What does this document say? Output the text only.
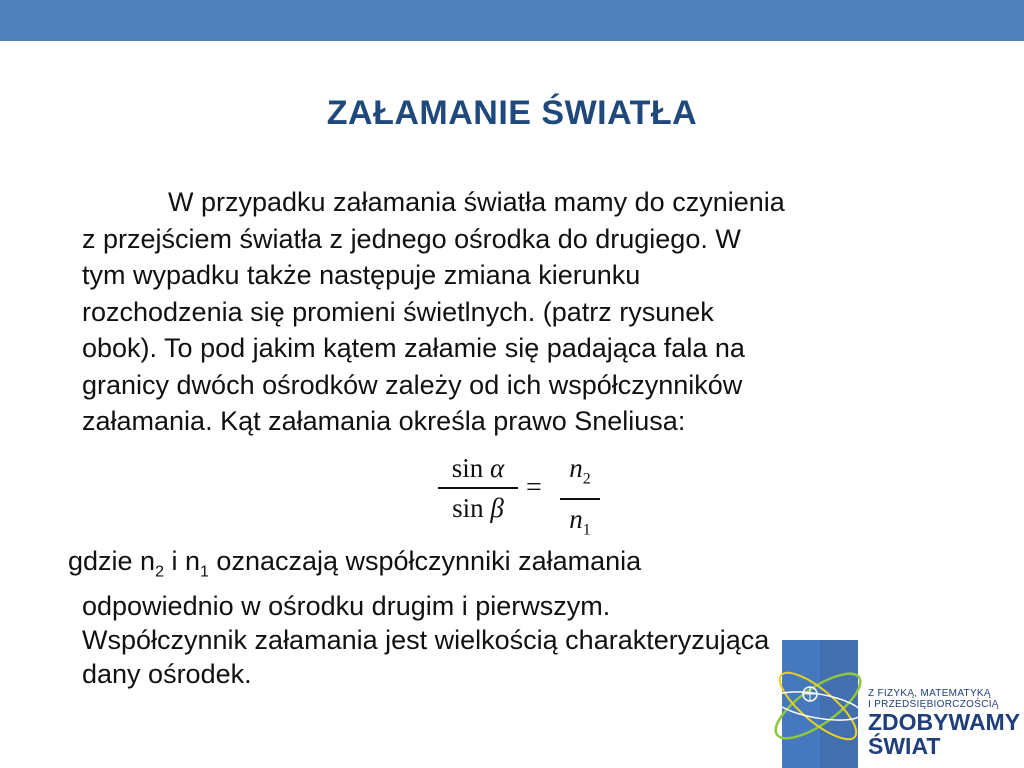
ZAŁAMANIE ŚWIATŁA

W przypadku załamania światła mamy do czynienia
z przejściem światła z jednego ośrodka do drugiego. W
tym wypadku także następuje zmiana kierunku
rozchodzenia się promieni świetlnych. (patrz rysunek
obok). To pod jakim kątem załamie się padająca fala na
granicy dwóch ośrodków zależy od ich współczynników
załamania. Kąt załamania określa prawo Sneliusa:

sin α
sin β
=
$n_2$
$n_1$

gdzie $n_2$ i $n_1$ oznaczają współczynniki załamania
odpowiednio w ośrodku drugim i pierwszym.
Współczynnik załamania jest wielkością charakteryzująca
dany ośrodek.

Z FIZYKĄ, MATEMATYKĄ
I PRZEDSIĘBIORCZOŚCIĄ
ZDOBYWAMY
ŚWIAT
